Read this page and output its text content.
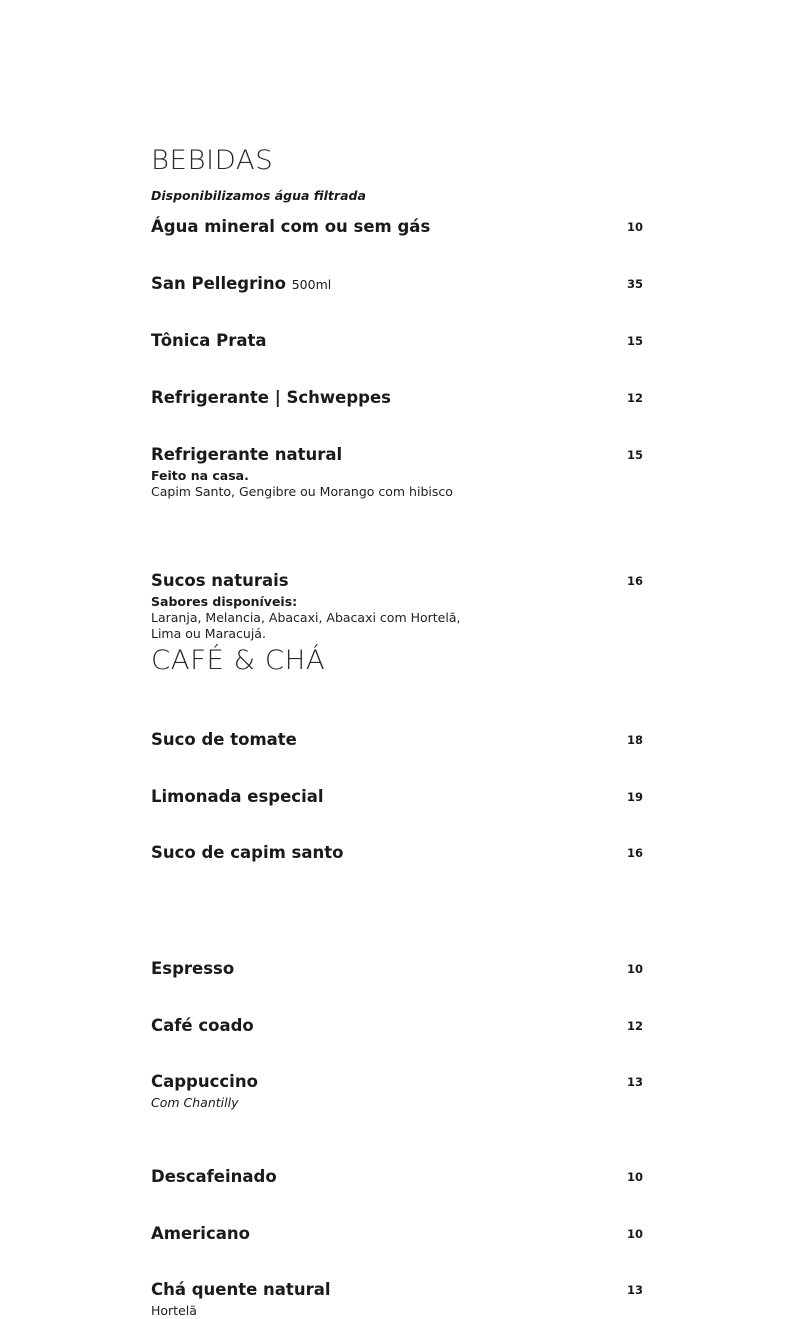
BEBIDAS
Disponibilizamos água filtrada
Água mineral com ou sem gás	10
San Pellegrino 500ml	35
Tônica Prata	15
Refrigerante | Schweppes	12
Refrigerante natural	15
Feito na casa.
Capim Santo, Gengibre ou Morango com hibisco
Sucos naturais	16
Sabores disponíveis:
Laranja, Melancia, Abacaxi, Abacaxi com Hortelã,
Lima ou Maracujá.
Suco de tomate	18
Limonada especial	19
Suco de capim santo	16
CAFÉ & CHÁ
Espresso	10
Café coado	12
Cappuccino	13
Com Chantilly
Descafeinado	10
Americano	10
Chá quente natural	13
Hortelã
